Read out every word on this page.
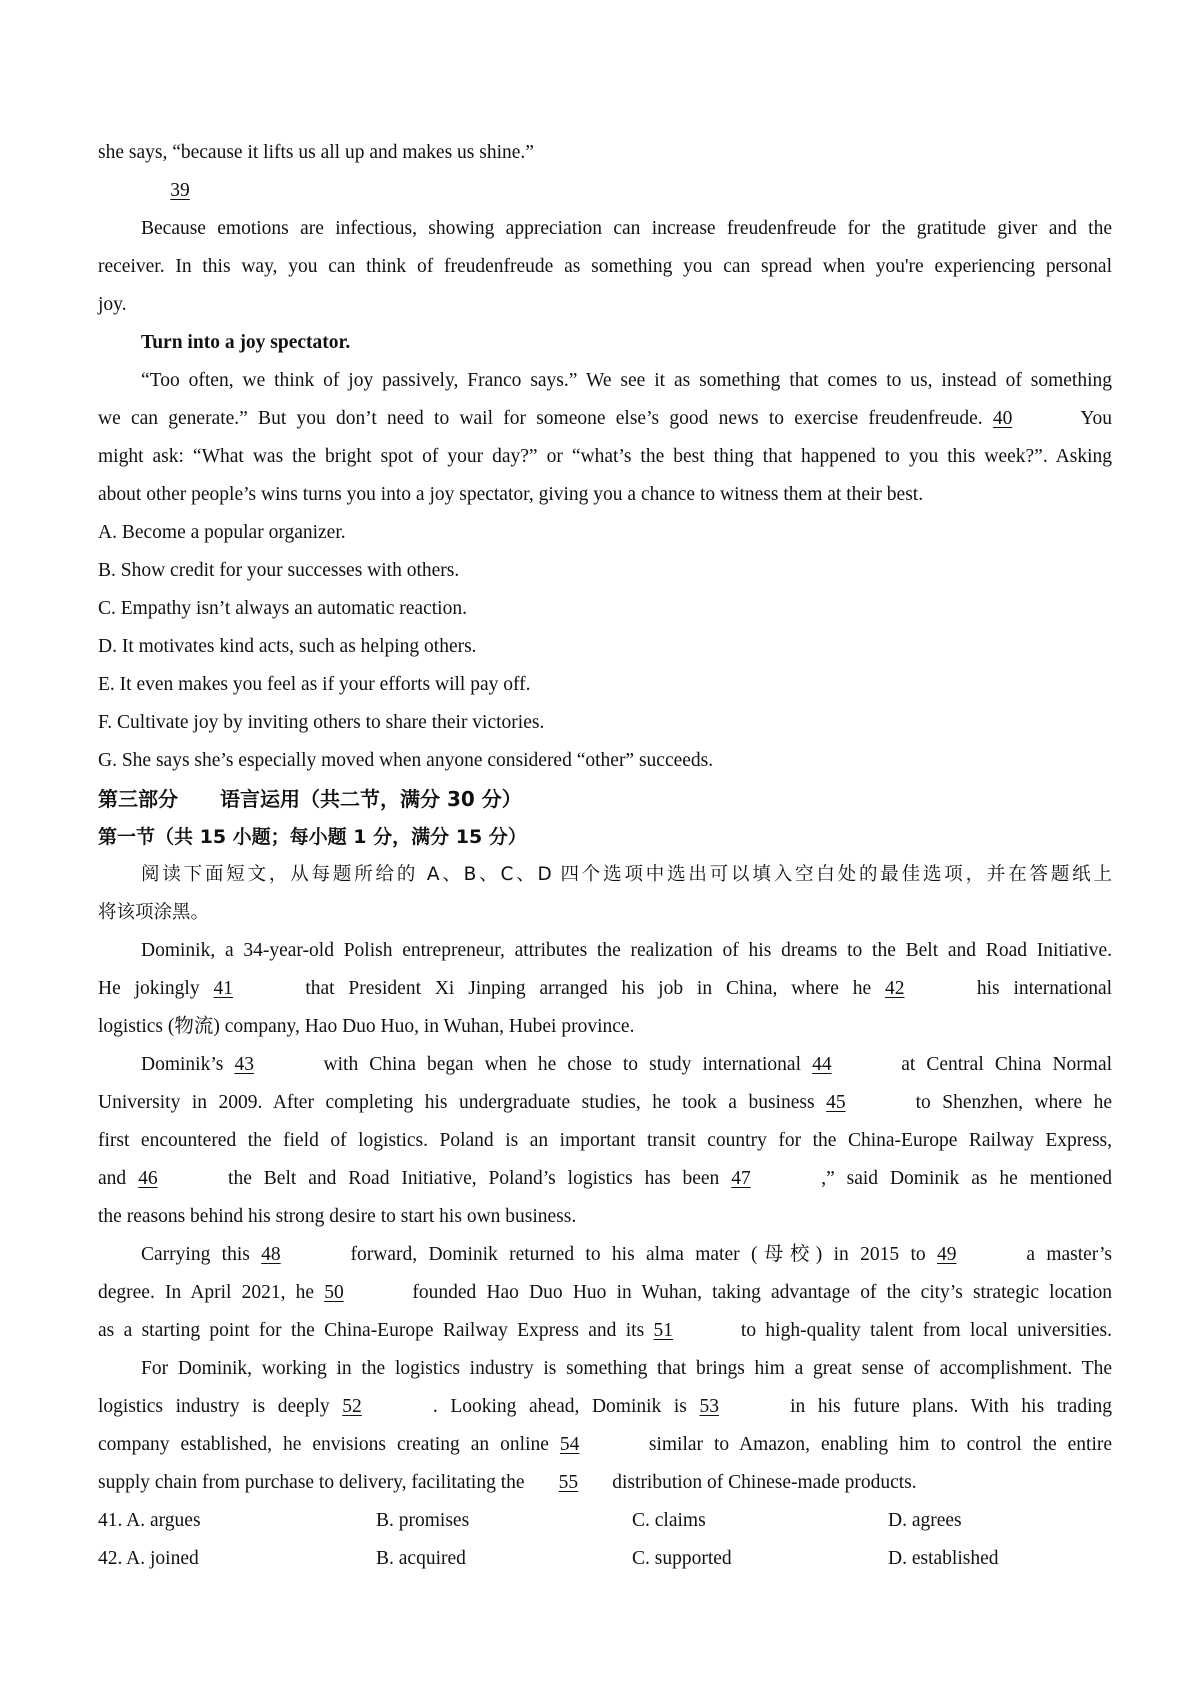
she says, “because it lifts us all up and makes us shine.”
39
Because emotions are infectious, showing appreciation can increase freudenfreude for the gratitude giver and the
receiver. In this way, you can think of freudenfreude as something you can spread when you're experiencing personal
joy.
Turn into a joy spectator.
“Too often, we think of joy passively, Franco says.” We see it as something that comes to us, instead of something
we can generate.” But you don’t need to wail for someone else’s good news to exercise freudenfreude. 40	You
might ask: “What was the bright spot of your day?” or “what’s the best thing that happened to you this week?”. Asking
about other people’s wins turns you into a joy spectator, giving you a chance to witness them at their best.
A. Become a popular organizer.
B. Show credit for your successes with others.
C. Empathy isn’t always an automatic reaction.
D. It motivates kind acts, such as helping others.
E. It even makes you feel as if your efforts will pay off.
F. Cultivate joy by inviting others to share their victories.
G. She says she’s especially moved when anyone considered “other” succeeds.
第三部分 语言运用（共二节，满分 30 分）
第一节（共 15 小题；每小题 1 分，满分 15 分）
阅读下面短文，从每题所给的 A、B、C、D 四个选项中选出可以填入空白处的最佳选项，并在答题纸上
将该项涂黑。
Dominik, a 34-year-old Polish entrepreneur, attributes the realization of his dreams to the Belt and Road Initiative.
He jokingly 41	that President Xi Jinping arranged his job in China, where he 42	his international
logistics (物流) company, Hao Duo Huo, in Wuhan, Hubei province.
Dominik’s 43	with China began when he chose to study international 44	at Central China Normal
University in 2009. After completing his undergraduate studies, he took a business 45	to Shenzhen, where he
first encountered the field of logistics. Poland is an important transit country for the China-Europe Railway Express,
and 46	the Belt and Road Initiative, Poland’s logistics has been 47	,” said Dominik as he mentioned
the reasons behind his strong desire to start his own business.
Carrying this 48	forward, Dominik returned to his alma mater (母校) in 2015 to 49	a master’s
degree. In April 2021, he 50	founded Hao Duo Huo in Wuhan, taking advantage of the city’s strategic location
as a starting point for the China-Europe Railway Express and its 51	to high-quality talent from local universities.
For Dominik, working in the logistics industry is something that brings him a great sense of accomplishment. The
logistics industry is deeply 52	. Looking ahead, Dominik is 53	in his future plans. With his trading
company established, he envisions creating an online 54	similar to Amazon, enabling him to control the entire
supply chain from purchase to delivery, facilitating the 55 distribution of Chinese-made products.
41. A. argues	B. promises	C. claims	D. agrees
42. A. joined	B. acquired	C. supported	D. established
